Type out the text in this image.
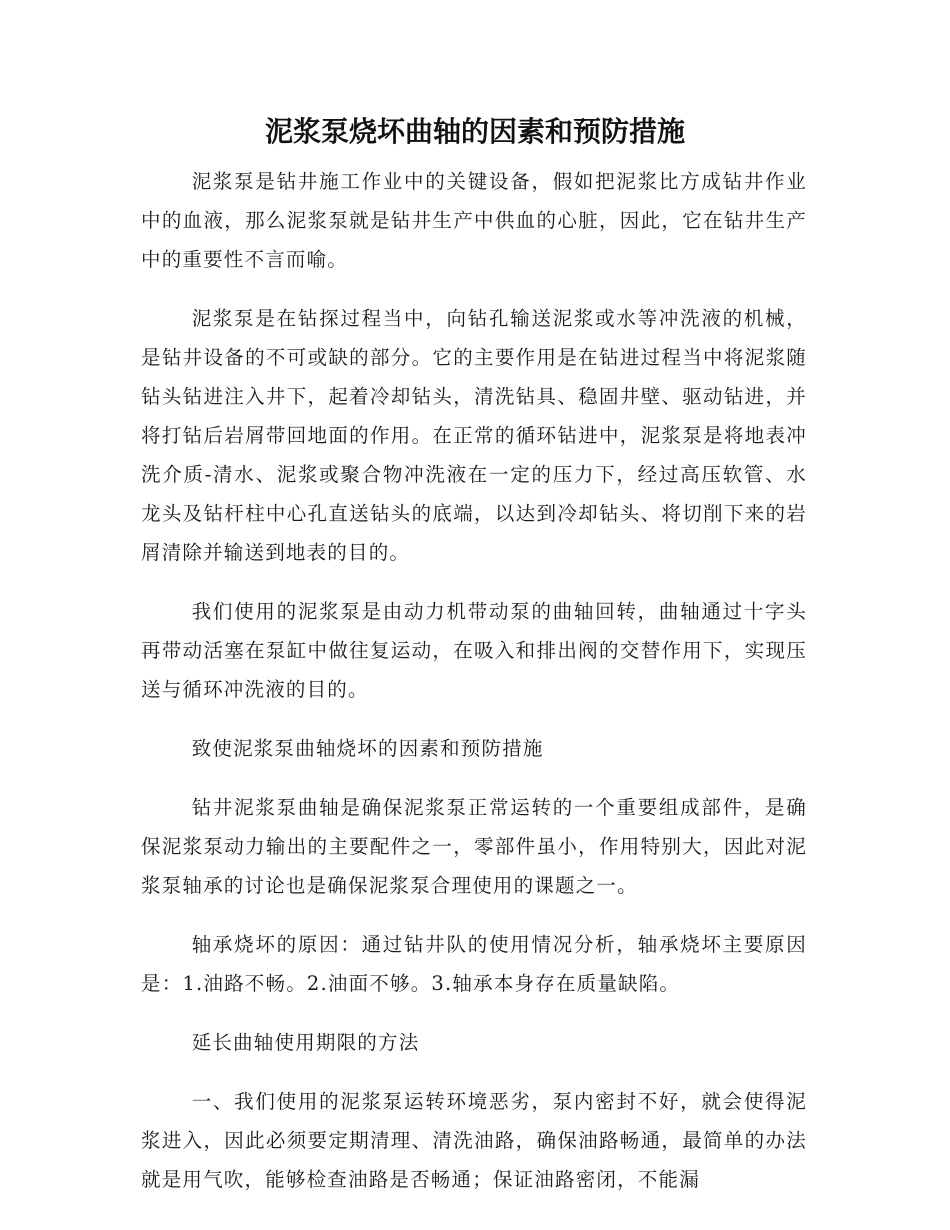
泥浆泵烧坏曲轴的因素和预防措施

泥浆泵是钻井施工作业中的关键设备，假如把泥浆比方成钻井作业中的血液，那么泥浆泵就是钻井生产中供血的心脏，因此，它在钻井生产中的重要性不言而喻。

泥浆泵是在钻探过程当中，向钻孔输送泥浆或水等冲洗液的机械，是钻井设备的不可或缺的部分。它的主要作用是在钻进过程当中将泥浆随钻头钻进注入井下，起着冷却钻头，清洗钻具、稳固井壁、驱动钻进，并将打钻后岩屑带回地面的作用。在正常的循环钻进中，泥浆泵是将地表冲洗介质-清水、泥浆或聚合物冲洗液在一定的压力下，经过高压软管、水龙头及钻杆柱中心孔直送钻头的底端，以达到冷却钻头、将切削下来的岩屑清除并输送到地表的目的。

我们使用的泥浆泵是由动力机带动泵的曲轴回转，曲轴通过十字头再带动活塞在泵缸中做往复运动，在吸入和排出阀的交替作用下，实现压送与循环冲洗液的目的。

致使泥浆泵曲轴烧坏的因素和预防措施

钻井泥浆泵曲轴是确保泥浆泵正常运转的一个重要组成部件，是确保泥浆泵动力输出的主要配件之一，零部件虽小，作用特别大，因此对泥浆泵轴承的讨论也是确保泥浆泵合理使用的课题之一。

轴承烧坏的原因：通过钻井队的使用情况分析，轴承烧坏主要原因是：1.油路不畅。2.油面不够。3.轴承本身存在质量缺陷。

延长曲轴使用期限的方法

一、我们使用的泥浆泵运转环境恶劣，泵内密封不好，就会使得泥浆进入，因此必须要定期清理、清洗油路，确保油路畅通，最简单的办法就是用气吹，能够检查油路是否畅通；保证油路密闭，不能漏
